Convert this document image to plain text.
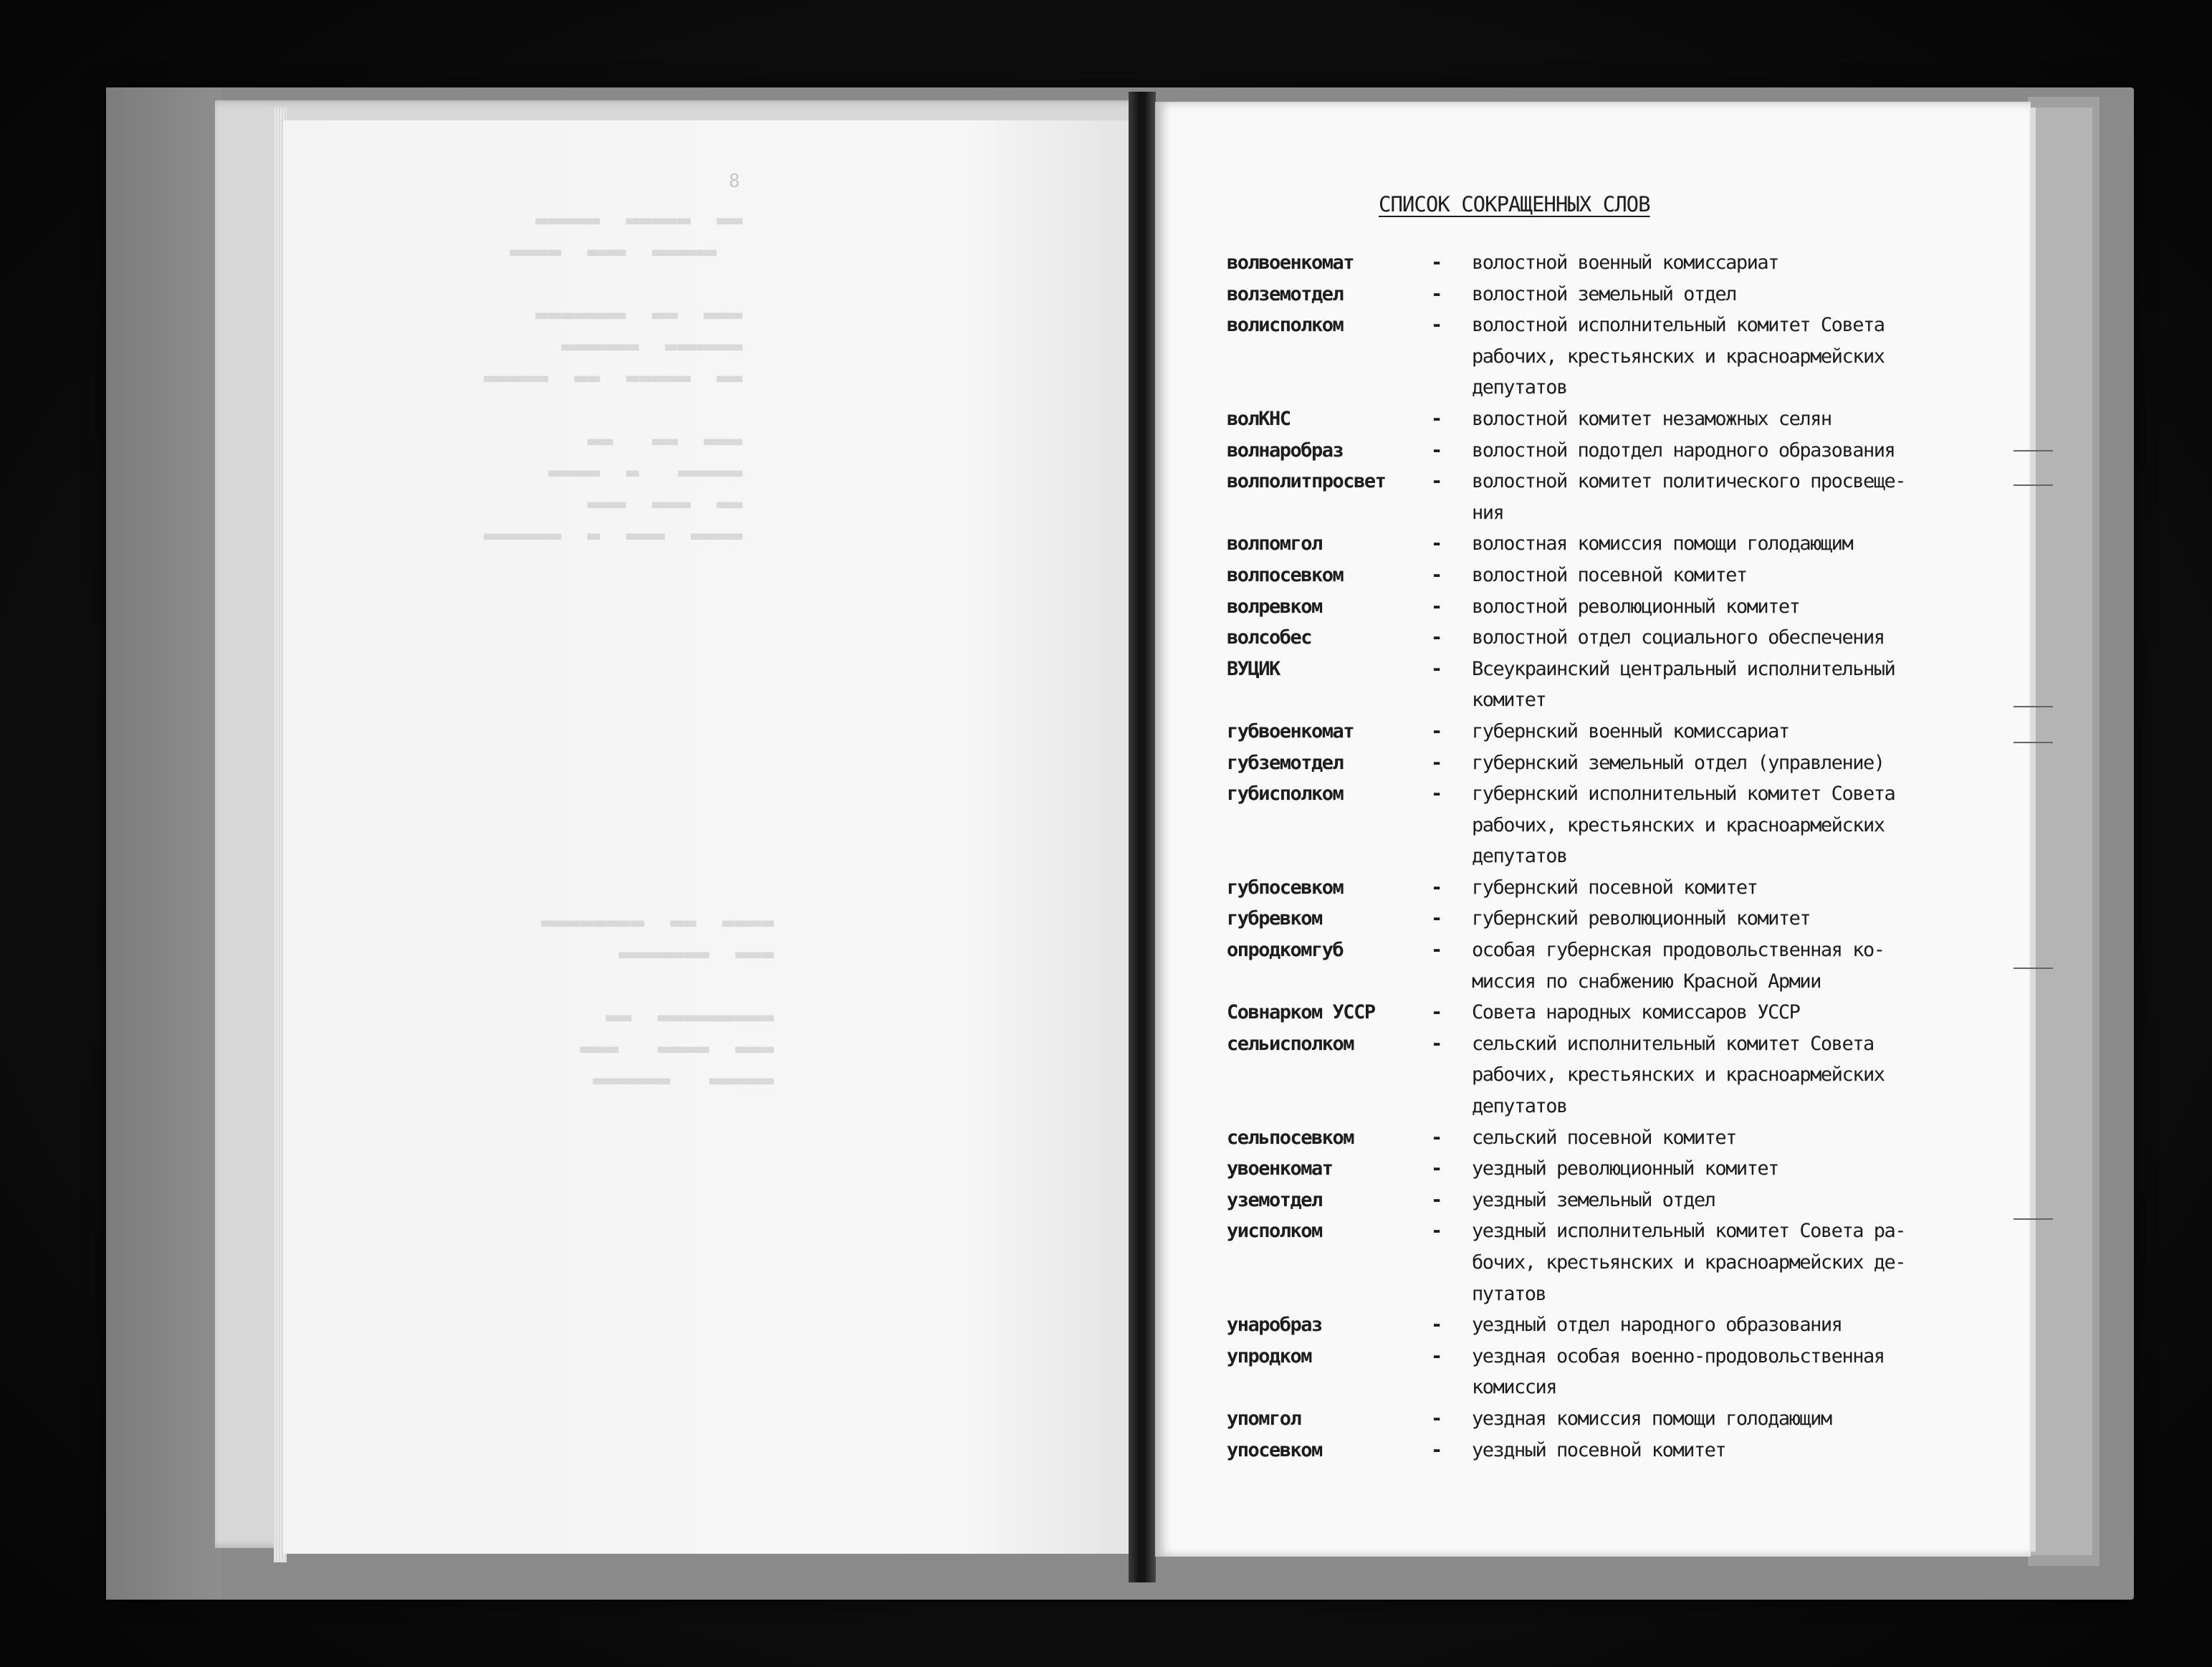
8
▬▬▬▬  ▬▬▬  ▬  ▬▬▬▬▬▬
▬▬  ▬▬▬  ▬▬▬
▬▬▬▬▬   ▬  ▬▬▬▬
▬▬▬  ▬▬   ▬▬

▬▬  ▬▬▬▬▬  ▬▬  ▬▬▬▬▬
▬▬▬▬▬▬  ▬▬▬▬▬▬
▬▬▬  ▬▬  ▬▬▬▬▬▬▬

▬▬▬▬▬  ▬▬▬  ▬▬▬▬
▬▬  ▬▬▬▬▬  ▬▬▬▬▬
▬▬▬▬▬   ▬▬▬▬▬▬
▬▬▬  ▬▬▬▬   ▬▬▬
▬▬▬▬▬▬▬▬▬  ▬▬

▬▬▬  ▬▬▬▬▬▬▬
▬▬▬▬  ▬▬  ▬▬▬▬▬▬▬▬
СПИСОК СОКРАЩЕННЫХ СЛОВ
волвоенкомат	- волостной военный комиссариат
волземотдел	- волостной земельный отдел
волисполком	- волостной исполнительный комитет Совета
рабочих, крестьянских и красноармейских
депутатов
волКНС	- волостной комитет незаможных селян
волнаробраз	- волостной подотдел народного образования
волполитпросвет	- волостной комитет политического просвеще-
ния
волпомгол	- волостная комиссия помощи голодающим
волпосевком	- волостной посевной комитет
волревком	- волостной революционный комитет
волсобес	- волостной отдел социального обеспечения
ВУЦИК	- Всеукраинский центральный исполнительный
комитет
губвоенкомат	- губернский военный комиссариат
губземотдел	- губернский земельный отдел (управление)
губисполком	- губернский исполнительный комитет Совета
рабочих, крестьянских и красноармейских
депутатов
губпосевком	- губернский посевной комитет
губревком	- губернский революционный комитет
опродкомгуб	- особая губернская продовольственная ко-
миссия по снабжению Красной Армии
Совнарком УССР	- Совета народных комиссаров УССР
сельисполком	- сельский исполнительный комитет Совета
рабочих, крестьянских и красноармейских
депутатов
сельпосевком	- сельский посевной комитет
увоенкомат	- уездный революционный комитет
уземотдел	- уездный земельный отдел
уисполком	- уездный исполнительный комитет Совета ра-
бочих, крестьянских и красноармейских де-
путатов
унаробраз	- уездный отдел народного образования
упродком	- уездная особая военно-продовольственная
комиссия
упомгол	- уездная комиссия помощи голодающим
упосевком	- уездный посевной комитет
